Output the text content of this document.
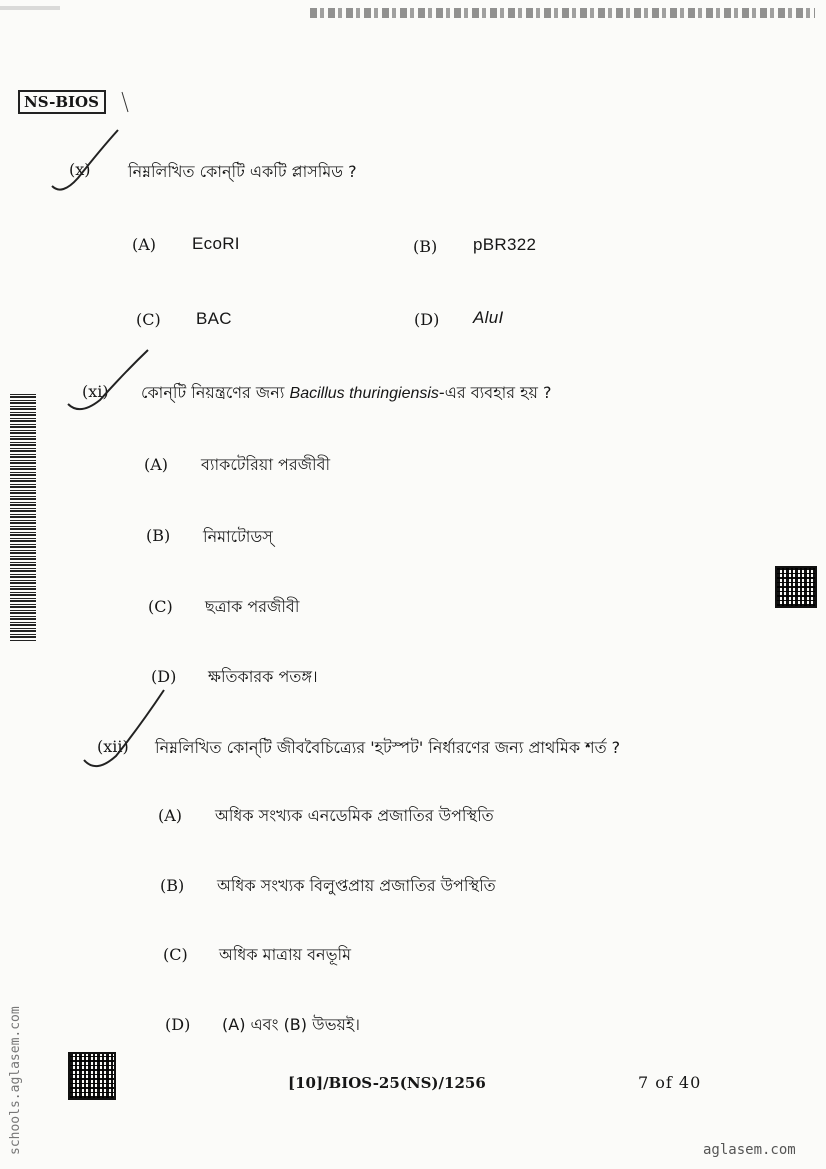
NS-BIOS
(x) নিম্নলিখিত কোন্‌টি একটি প্লাসমিড ?
(A) EcoRI	(B) pBR322
(C) BAC	(D) AluI
(xi) কোন্‌টি নিয়ন্ত্রণের জন্য Bacillus thuringiensis-এর ব্যবহার হয় ?
(A) ব্যাকটেরিয়া পরজীবী
(B) নিমাটোডস্‌
(C) ছত্রাক পরজীবী
(D) ক্ষতিকারক পতঙ্গ।
(xii) নিম্নলিখিত কোন্‌টি জীববৈচিত্র্যের 'হটস্পট' নির্ধারণের জন্য প্রাথমিক শর্ত ?
(A) অধিক সংখ্যক এনডেমিক প্রজাতির উপস্থিতি
(B) অধিক সংখ্যক বিলুপ্তপ্রায় প্রজাতির উপস্থিতি
(C) অধিক মাত্রায় বনভূমি
(D) (A) এবং (B) উভয়ই।
schools.aglasem.com	[10]/BIOS-25(NS)/1256	7 of 40
aglasem.com
